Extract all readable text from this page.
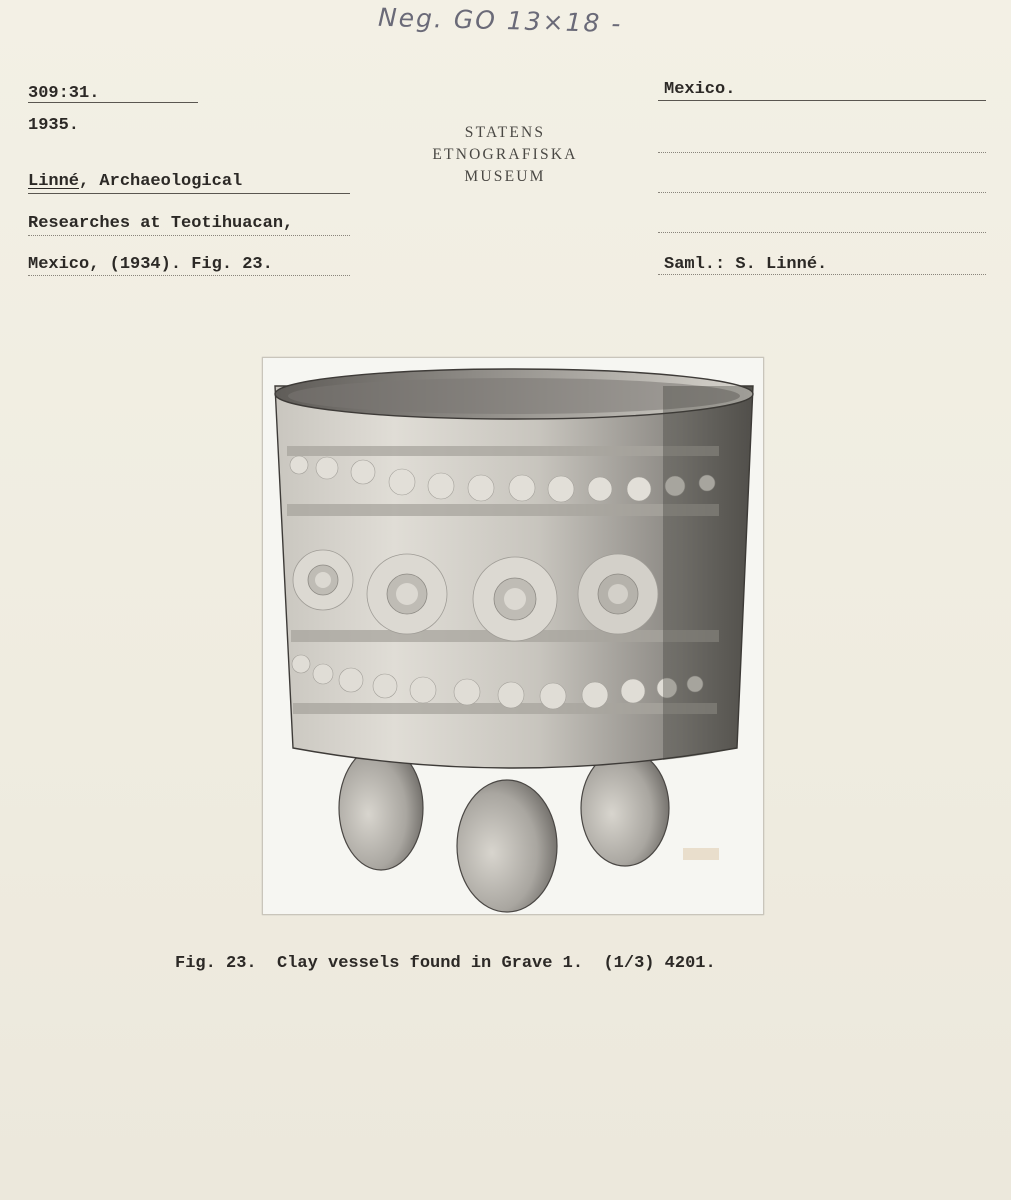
Neg. GO 13×18 -
309:31.
1935.
Linné, Archaeological
Researches at Teotihuacan,
Mexico, (1934). Fig. 23.
STATENS
ETNOGRAFISKA
MUSEUM
Mexico.
Saml.: S. Linné.
Fig. 23.  Clay vessels found in Grave 1.  (1/3) 4201.
